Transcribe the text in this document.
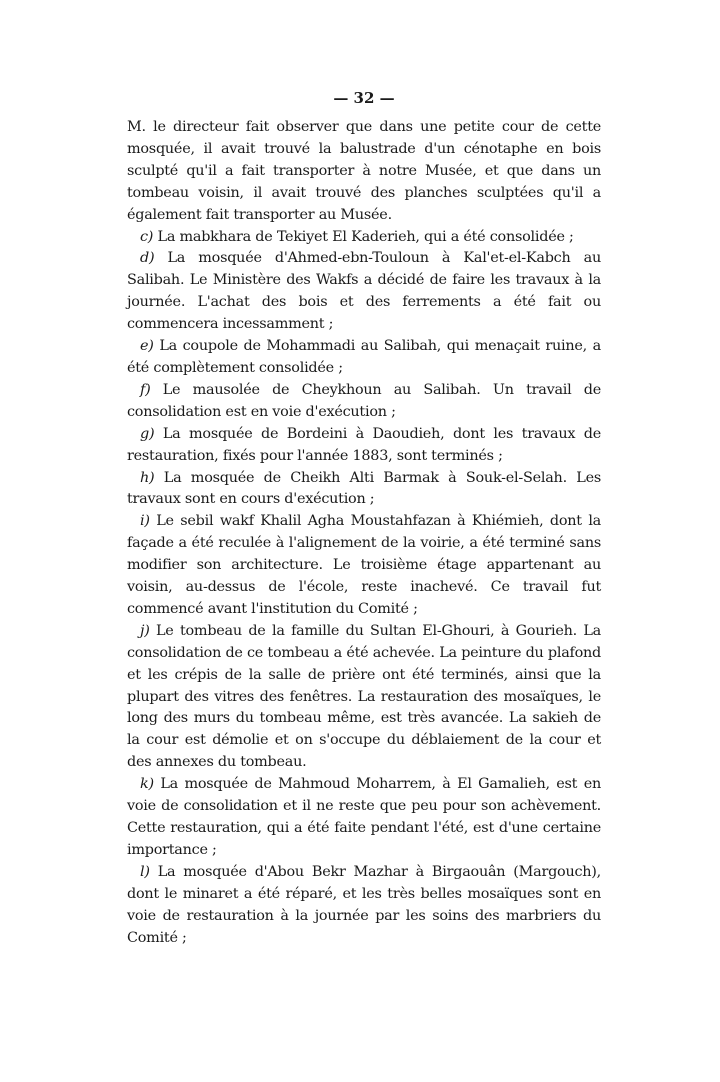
— 32 —

M. le directeur fait observer que dans une petite cour de cette mosquée, il avait trouvé la balustrade d'un cénotaphe en bois sculpté qu'il a fait transporter à notre Musée, et que dans un tombeau voisin, il avait trouvé des planches sculptées qu'il a également fait transporter au Musée.

c) La mabkhara de Tekiyet El Kaderieh, qui a été consolidée ;

d) La mosquée d'Ahmed-ebn-Touloun à Kal'et-el-Kabch au Salibah. Le Ministère des Wakfs a décidé de faire les travaux à la journée. L'achat des bois et des ferrements a été fait ou commencera incessamment ;

e) La coupole de Mohammadi au Salibah, qui menaçait ruine, a été complètement consolidée ;

f) Le mausolée de Cheykhoun au Salibah. Un travail de consolidation est en voie d'exécution ;

g) La mosquée de Bordeini à Daoudieh, dont les travaux de restauration, fixés pour l'année 1883, sont terminés ;

h) La mosquée de Cheikh Alti Barmak à Souk-el-Selah. Les travaux sont en cours d'exécution ;

i) Le sebil wakf Khalil Agha Moustahfazan à Khiémieh, dont la façade a été reculée à l'alignement de la voirie, a été terminé sans modifier son architecture. Le troisième étage appartenant au voisin, au-dessus de l'école, reste inachevé. Ce travail fut commencé avant l'institution du Comité ;

j) Le tombeau de la famille du Sultan El-Ghouri, à Gourieh. La consolidation de ce tombeau a été achevée. La peinture du plafond et les crépis de la salle de prière ont été terminés, ainsi que la plupart des vitres des fenêtres. La restauration des mosaïques, le long des murs du tombeau même, est très avancée. La sakieh de la cour est démolie et on s'occupe du déblaiement de la cour et des annexes du tombeau.

k) La mosquée de Mahmoud Moharrem, à El Gamalieh, est en voie de consolidation et il ne reste que peu pour son achèvement. Cette restauration, qui a été faite pendant l'été, est d'une certaine importance ;

l) La mosquée d'Abou Bekr Mazhar à Birgaouân (Margouch), dont le minaret a été réparé, et les très belles mosaïques sont en voie de restauration à la journée par les soins des marbriers du Comité ;
